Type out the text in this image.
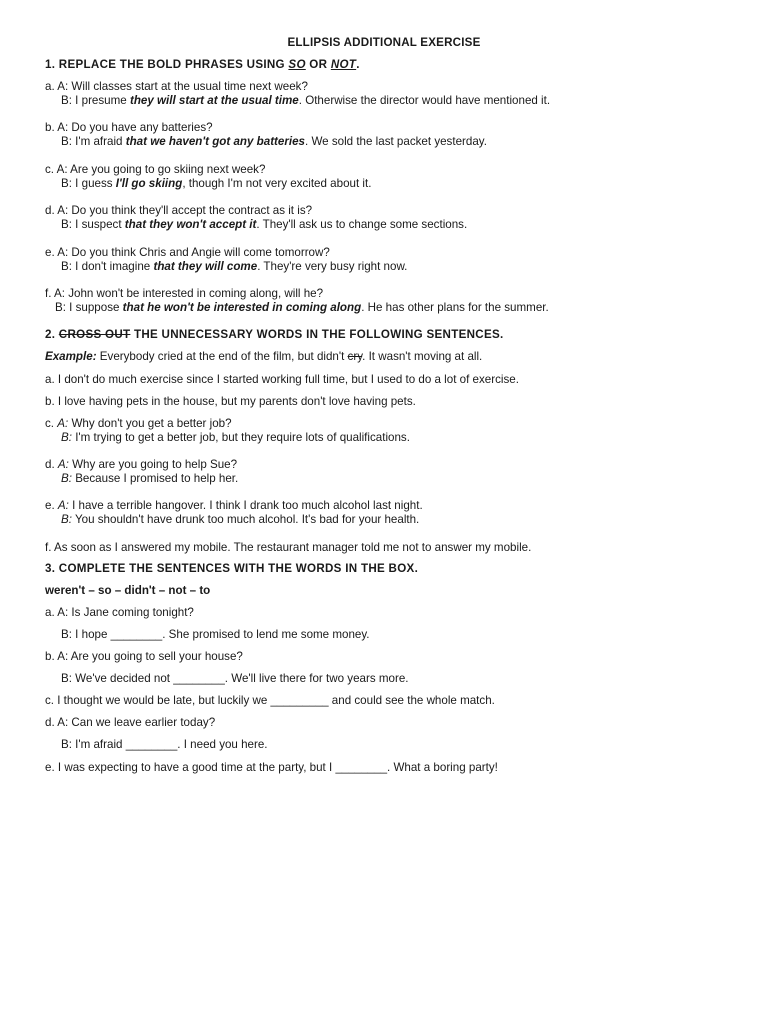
ELLIPSIS ADDITIONAL EXERCISE
1. REPLACE THE BOLD PHRASES USING SO OR NOT.
a. A: Will classes start at the usual time next week?
B: I presume they will start at the usual time. Otherwise the director would have mentioned it.
b. A: Do you have any batteries?
B: I'm afraid that we haven't got any batteries. We sold the last packet yesterday.
c. A: Are you going to go skiing next week?
B: I guess I'll go skiing, though I'm not very excited about it.
d. A: Do you think they'll accept the contract as it is?
B: I suspect that they won't accept it. They'll ask us to change some sections.
e. A: Do you think Chris and Angie will come tomorrow?
B: I don't imagine that they will come. They're very busy right now.
f. A: John won't be interested in coming along, will he?
B: I suppose that he won't be interested in coming along. He has other plans for the summer.
2. CROSS OUT THE UNNECESSARY WORDS IN THE FOLLOWING SENTENCES.
Example: Everybody cried at the end of the film, but didn't cry. It wasn't moving at all.
a. I don't do much exercise since I started working full time, but I used to do a lot of exercise.
b. I love having pets in the house, but my parents don't love having pets.
c. A: Why don't you get a better job?
B: I'm trying to get a better job, but they require lots of qualifications.
d. A: Why are you going to help Sue?
B: Because I promised to help her.
e. A: I have a terrible hangover. I think I drank too much alcohol last night.
B: You shouldn't have drunk too much alcohol. It's bad for your health.
f. As soon as I answered my mobile. The restaurant manager told me not to answer my mobile.
3. COMPLETE THE SENTENCES WITH THE WORDS IN THE BOX.
weren't – so – didn't – not – to
a. A: Is Jane coming tonight?
B: I hope ________. She promised to lend me some money.
b. A: Are you going to sell your house?
B: We've decided not ________. We'll live there for two years more.
c. I thought we would be late, but luckily we _________ and could see the whole match.
d. A: Can we leave earlier today?
B: I'm afraid ________. I need you here.
e. I was expecting to have a good time at the party, but I ________. What a boring party!
